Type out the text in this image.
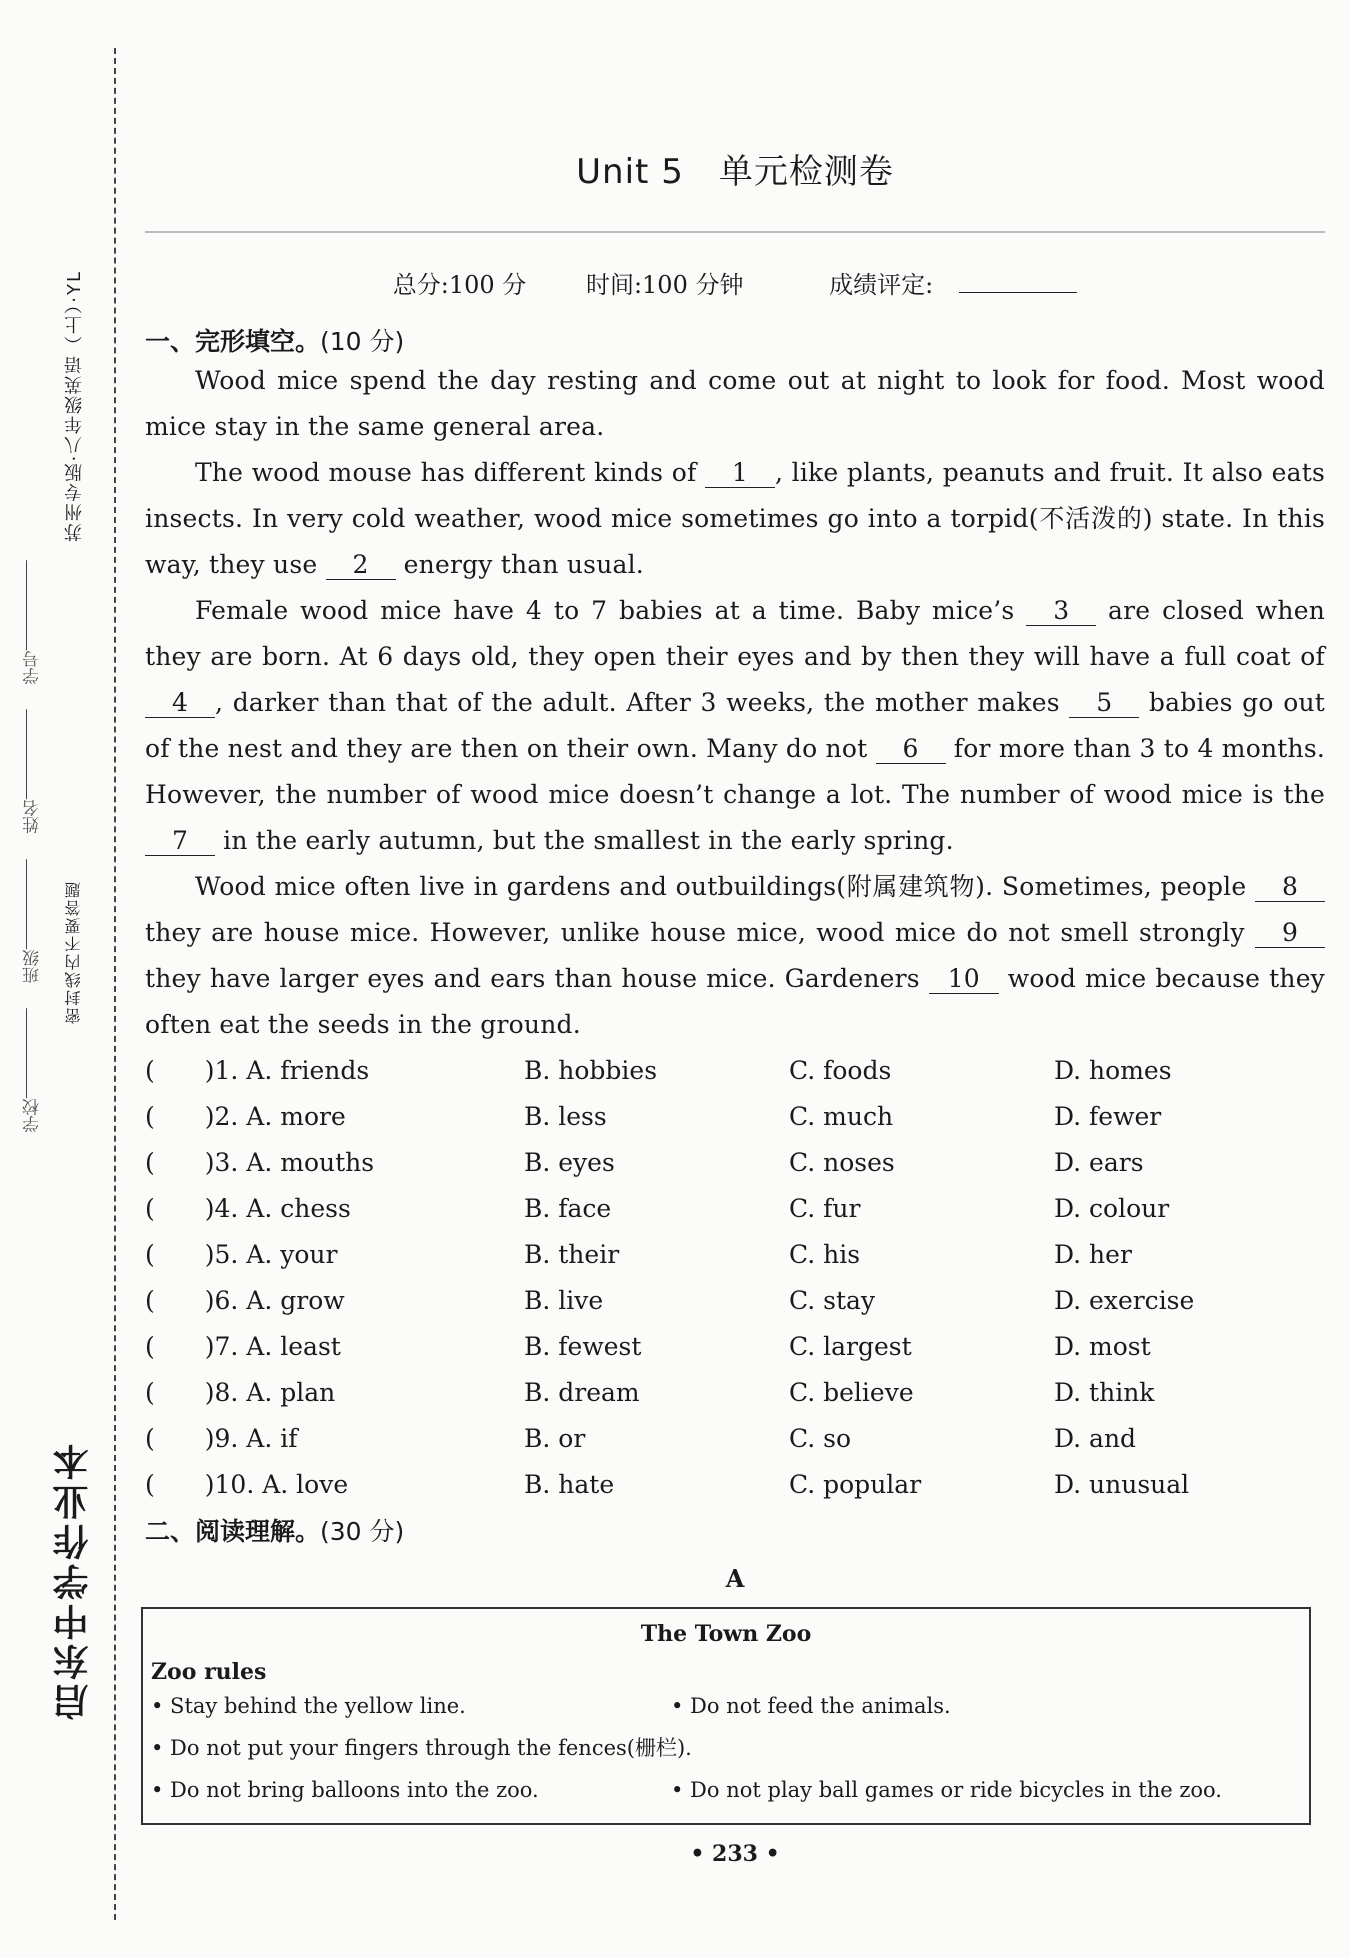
启东中学作业本
苏州专版·八年级英语（上）·YL
学校 班级 姓名 学号
密封线内不要答题
Unit 5　单元检测卷
总分:100 分 时间:100 分钟	成绩评定:
一、完形填空。(10 分)

Wood mice spend the day resting and come out at night to look for food. Most wood mice stay in the same general area.

The wood mouse has different kinds of 1 , like plants, peanuts and fruit. It also eats insects. In very cold weather, wood mice sometimes go into a torpid(不活泼的) state. In this way, they use 2 energy than usual.

Female wood mice have 4 to 7 babies at a time. Baby mice’s 3 are closed when they are born. At 6 days old, they open their eyes and by then they will have a full coat of 4 , darker than that of the adult. After 3 weeks, the mother makes 5 babies go out of the nest and they are then on their own. Many do not 6 for more than 3 to 4 months. However, the number of wood mice doesn’t change a lot. The number of wood mice is the 7 in the early autumn, but the smallest in the early spring.

Wood mice often live in gardens and outbuildings(附属建筑物). Sometimes, people 8 they are house mice. However, unlike house mice, wood mice do not smell strongly 9 they have larger eyes and ears than house mice. Gardeners 10 wood mice because they often eat the seeds in the ground.

(　　)1. A. friends	B. hobbies	C. foods	D. homes
(　　)2. A. more	B. less	C. much	D. fewer
(　　)3. A. mouths	B. eyes	C. noses	D. ears
(　　)4. A. chess	B. face	C. fur	D. colour
(　　)5. A. your	B. their	C. his	D. her
(　　)6. A. grow	B. live	C. stay	D. exercise
(　　)7. A. least	B. fewest	C. largest	D. most
(　　)8. A. plan	B. dream	C. believe	D. think
(　　)9. A. if	B. or	C. so	D. and
(　　)10. A. love	B. hate	C. popular	D. unusual
二、阅读理解。(30 分)
A
The Town Zoo
Zoo rules
• Stay behind the yellow line.	• Do not feed the animals.
• Do not put your fingers through the fences(栅栏).
• Do not bring balloons into the zoo.	• Do not play ball games or ride bicycles in the zoo.
• 233 •
